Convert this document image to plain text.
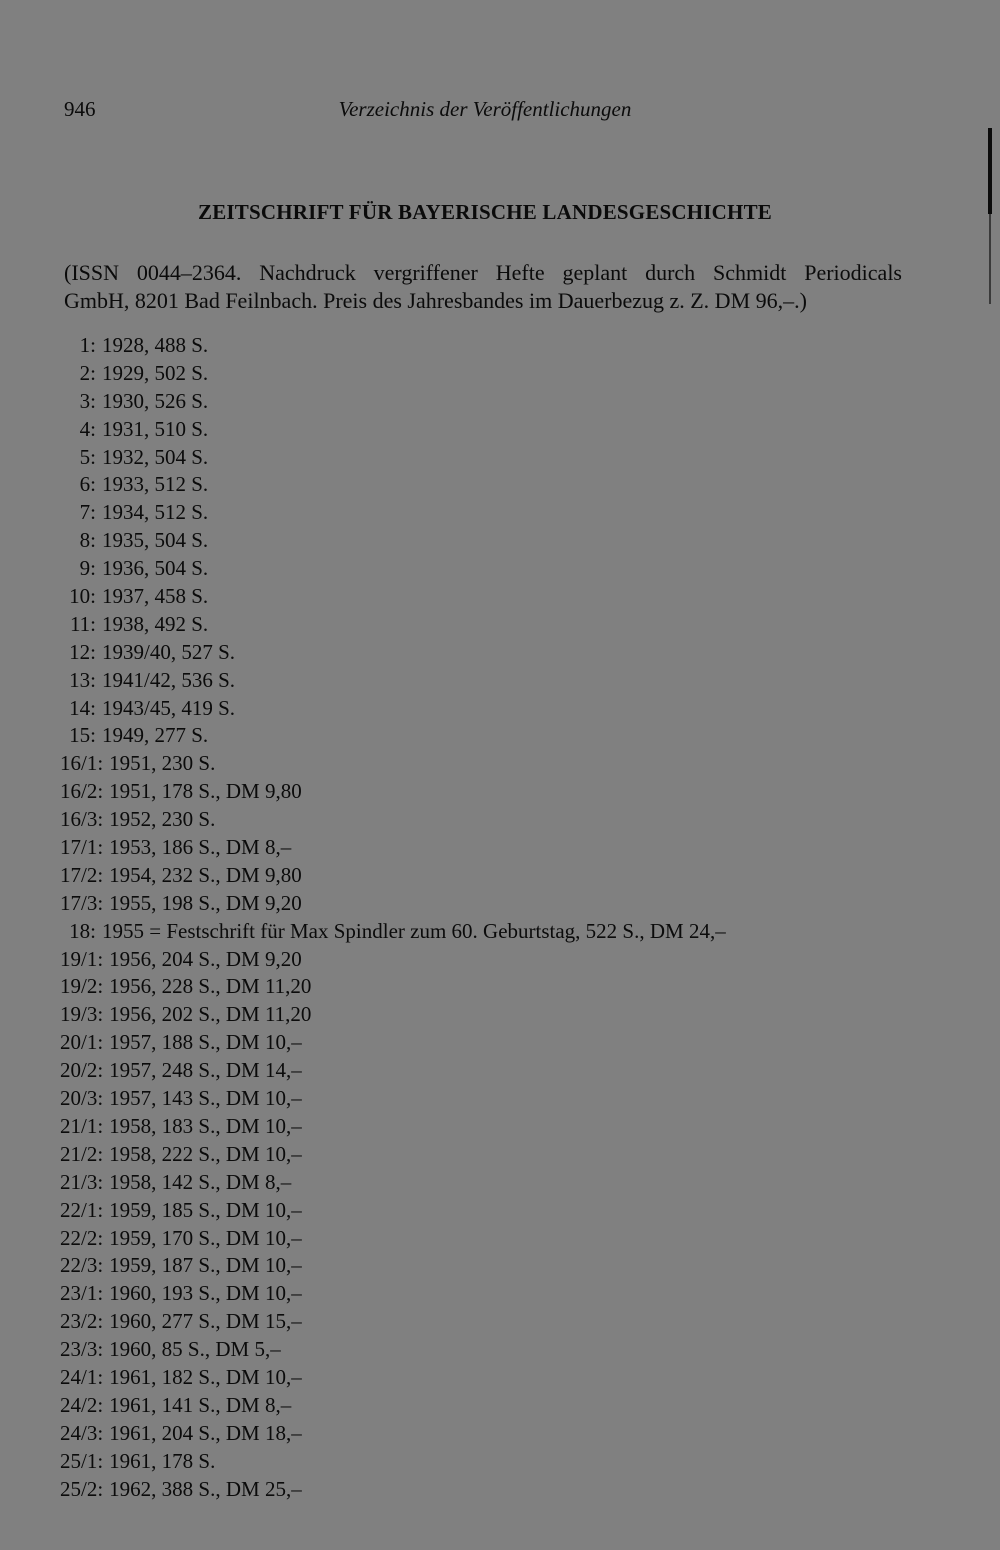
946	Verzeichnis der Veröffentlichungen
ZEITSCHRIFT FÜR BAYERISCHE LANDESGESCHICHTE
(ISSN 0044–2364. Nachdruck vergriffener Hefte geplant durch Schmidt Periodicals
GmbH, 8201 Bad Feilnbach. Preis des Jahresbandes im Dauerbezug z. Z. DM 96,–.)
1: 1928, 488 S.
2: 1929, 502 S.
3: 1930, 526 S.
4: 1931, 510 S.
5: 1932, 504 S.
6: 1933, 512 S.
7: 1934, 512 S.
8: 1935, 504 S.
9: 1936, 504 S.
10: 1937, 458 S.
11: 1938, 492 S.
12: 1939/40, 527 S.
13: 1941/42, 536 S.
14: 1943/45, 419 S.
15: 1949, 277 S.
16/1: 1951, 230 S.
16/2: 1951, 178 S., DM 9,80
16/3: 1952, 230 S.
17/1: 1953, 186 S., DM 8,–
17/2: 1954, 232 S., DM 9,80
17/3: 1955, 198 S., DM 9,20
18: 1955 = Festschrift für Max Spindler zum 60. Geburtstag, 522 S., DM 24,–
19/1: 1956, 204 S., DM 9,20
19/2: 1956, 228 S., DM 11,20
19/3: 1956, 202 S., DM 11,20
20/1: 1957, 188 S., DM 10,–
20/2: 1957, 248 S., DM 14,–
20/3: 1957, 143 S., DM 10,–
21/1: 1958, 183 S., DM 10,–
21/2: 1958, 222 S., DM 10,–
21/3: 1958, 142 S., DM 8,–
22/1: 1959, 185 S., DM 10,–
22/2: 1959, 170 S., DM 10,–
22/3: 1959, 187 S., DM 10,–
23/1: 1960, 193 S., DM 10,–
23/2: 1960, 277 S., DM 15,–
23/3: 1960, 85 S., DM 5,–
24/1: 1961, 182 S., DM 10,–
24/2: 1961, 141 S., DM 8,–
24/3: 1961, 204 S., DM 18,–
25/1: 1961, 178 S.
25/2: 1962, 388 S., DM 25,–
